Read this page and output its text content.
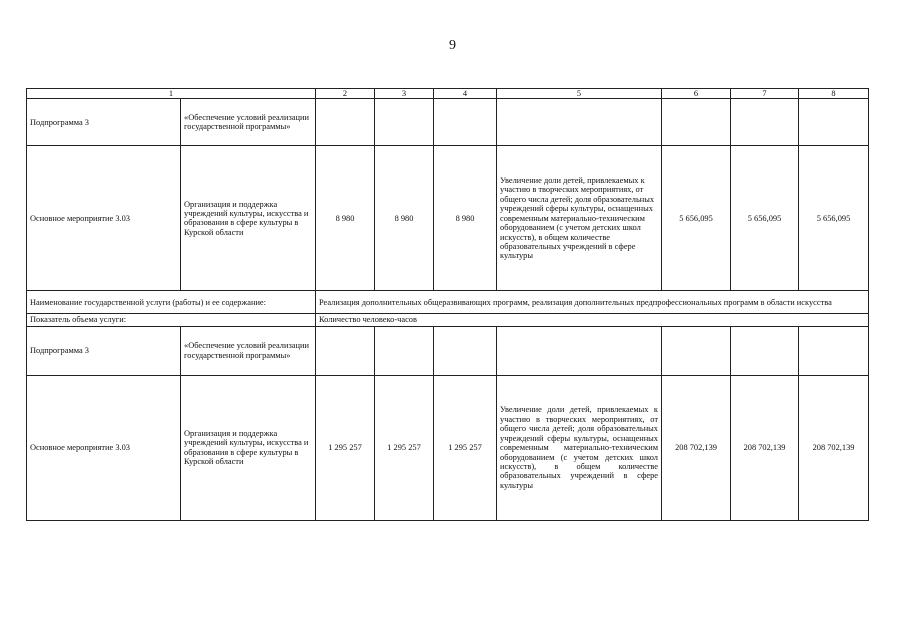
9
1		2	3	4	5	6	7	8
Подпрограмма 3	«Обеспечение условий реализации государственной программы»							
Основное мероприятие 3.03	Организация и поддержка учреждений культуры, искусства и образования в сфере культуры в Курской области	8 980	8 980	8 980	Увеличение доли детей, привлекаемых к участию в творческих мероприятиях, от общего числа детей; доля образовательных учреждений сферы культуры, оснащенных современным материально-техническим оборудованием (с учетом детских школ искусств), в общем количестве образовательных учреждений в сфере культуры	5 656,095	5 656,095	5 656,095
Наименование государственной услуги (работы) и ее содержание:		Реализация дополнительных общеразвивающих программ, реализация дополнительных предпрофессиональных программ в области искусства						
Показатель объема услуги:		Количество человеко-часов						
Подпрограмма 3	«Обеспечение условий реализации государственной программы»							
Основное мероприятие 3.03	Организация и поддержка учреждений культуры, искусства и образования в сфере культуры в Курской области	1 295 257	1 295 257	1 295 257	Увеличение доли детей, привлекаемых к участию в творческих мероприятиях, от общего числа детей; доля образовательных учреждений сферы культуры, оснащенных современным материально-техническим оборудованием (с учетом детских школ искусств), в общем количестве образовательных учреждений в сфере культуры	208 702,139	208 702,139	208 702,139
